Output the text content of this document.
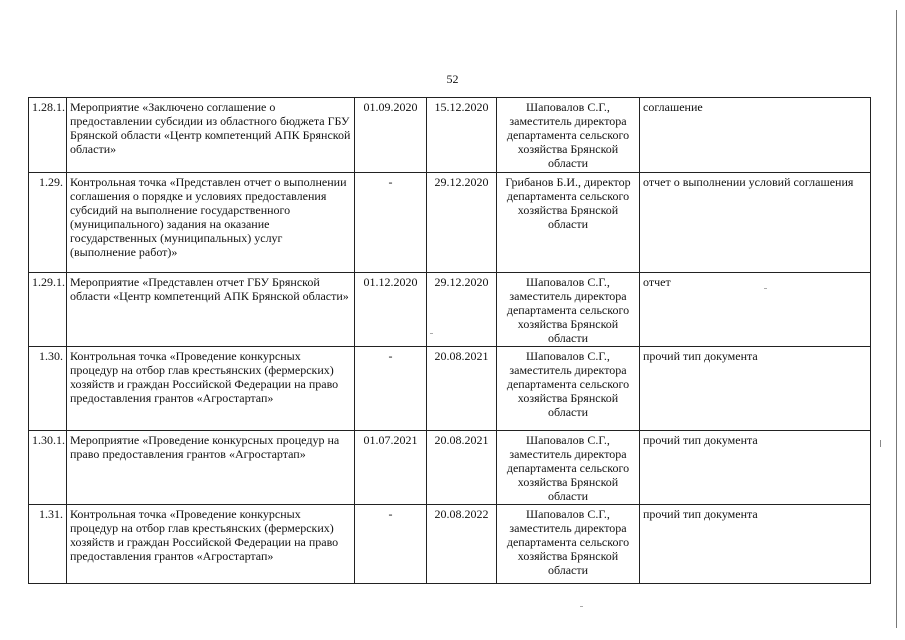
52
1.28.1.	Мероприятие «Заключено соглашение о предоставлении субсидии из областного бюджета ГБУ Брянской области «Центр компетенций АПК Брянской области»	01.09.2020	15.12.2020	Шаповалов С.Г., заместитель директора департамента сельского хозяйства Брянской области	соглашение
1.29.	Контрольная точка «Представлен отчет о выполнении соглашения о порядке и условиях предоставления субсидий на выполнение государственного (муниципального) задания на оказание государственных (муниципальных) услуг (выполнение работ)»	-	29.12.2020	Грибанов Б.И., директор департамента сельского хозяйства Брянской области	отчет о выполнении условий соглашения
1.29.1.	Мероприятие «Представлен отчет ГБУ Брянской области «Центр компетенций АПК Брянской области»	01.12.2020	29.12.2020	Шаповалов С.Г., заместитель директора департамента сельского хозяйства Брянской области	отчет
1.30.	Контрольная точка «Проведение конкурсных процедур на отбор глав крестьянских (фермерских) хозяйств и граждан Российской Федерации на право предоставления грантов «Агростартап»	-	20.08.2021	Шаповалов С.Г., заместитель директора департамента сельского хозяйства Брянской области	прочий тип документа
1.30.1.	Мероприятие «Проведение конкурсных процедур на право предоставления грантов «Агростартап»	01.07.2021	20.08.2021	Шаповалов С.Г., заместитель директора департамента сельского хозяйства Брянской области	прочий тип документа
1.31.	Контрольная точка «Проведение конкурсных процедур на отбор глав крестьянских (фермерских) хозяйств и граждан Российской Федерации на право предоставления грантов «Агростартап»	-	20.08.2022	Шаповалов С.Г., заместитель директора департамента сельского хозяйства Брянской области	прочий тип документа
